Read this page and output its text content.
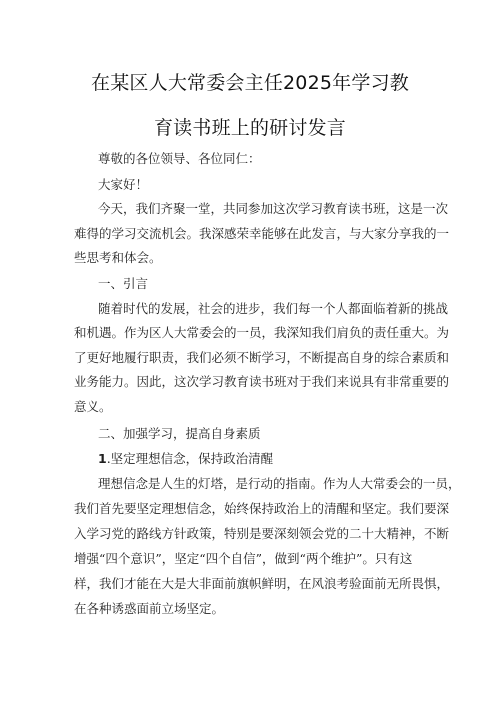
在某区人大常委会主任2025年学习教
育读书班上的研讨发言
尊敬的各位领导、各位同仁：
大家好！
今天，我们齐聚一堂，共同参加这次学习教育读书班，这是一次
难得的学习交流机会。我深感荣幸能够在此发言，与大家分享我的一
些思考和体会。
一、引言
随着时代的发展，社会的进步，我们每一个人都面临着新的挑战
和机遇。作为区人大常委会的一员，我深知我们肩负的责任重大。为
了更好地履行职责，我们必须不断学习，不断提高自身的综合素质和
业务能力。因此，这次学习教育读书班对于我们来说具有非常重要的
意义。
二、加强学习，提高自身素质
1.坚定理想信念，保持政治清醒
理想信念是人生的灯塔，是行动的指南。作为人大常委会的一员，
我们首先要坚定理想信念，始终保持政治上的清醒和坚定。我们要深
入学习党的路线方针政策，特别是要深刻领会党的二十大精神，不断
增强“四个意识”，坚定“四个自信”，做到“两个维护”。只有这
样，我们才能在大是大非面前旗帜鲜明，在风浪考验面前无所畏惧，
在各种诱惑面前立场坚定。
